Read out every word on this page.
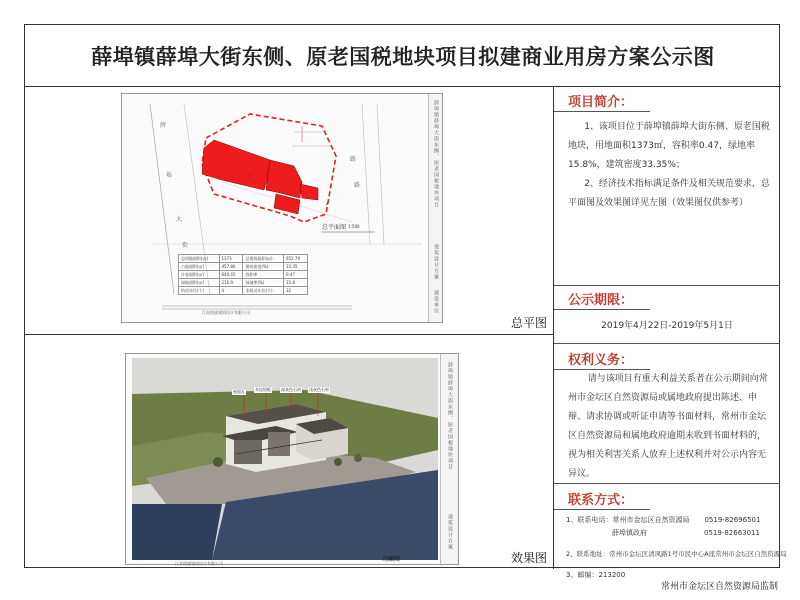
薛埠镇薛埠大街东侧、原老国税地块项目拟建商业用房方案公示图
薛
埠
大
街
路
路
总平面图 1:500
总用地面积(㎡)	1373	总建筑面积(㎡)	652.79
占地面积(㎡)	457.86	建筑密度(%)	33.35
计容面积(㎡)	640.45	容积率	0.47
绿地面积(㎡)	216.9	绿地率(%)	15.8
机动车位(个)	4	非机动车位(个)	32
江苏图盛建筑设计有限公司
薛埠镇薛埠大街东侧、原老国税地块项目
建筑设计方案
建设单位
总平图
屋面瓦	木纹铝板	深灰色石材 浅灰色石材
鸟瞰图
薛埠镇薛埠大街东侧、原老国税地块项目
建筑设计方案
江苏图盛建筑设计有限公司	效果图
项目简介：

1、该项目位于薛埠镇薛埠大街东侧、原老国税地块，用地面积1373㎡，容积率0.47，绿地率15.8%，建筑密度33.35%；

2、经济技术指标满足条件及相关规范要求，总平面图及效果图详见左图（效果图仅供参考）

公示期限：

2019年4月22日-2019年5月1日

权利义务：

请与该项目有重大利益关系者在公示期间向常州市金坛区自然资源局或属地政府提出陈述、申辩、请求协调或听证申请等书面材料，常州市金坛区自然资源局和属地政府逾期未收到书面材料的，视为相关利害关系人放弃上述权利并对公示内容无异议。

联系方式：
1、联系电话： 常州市金坛区自然资源局	0519-82696501
薛埠镇政府	0519-82663011
2、联系地址：常州市金坛区清风路1号市民中心A座常州市金坛区自然资源局
3、邮编：213200
常州市金坛区自然资源局监制
